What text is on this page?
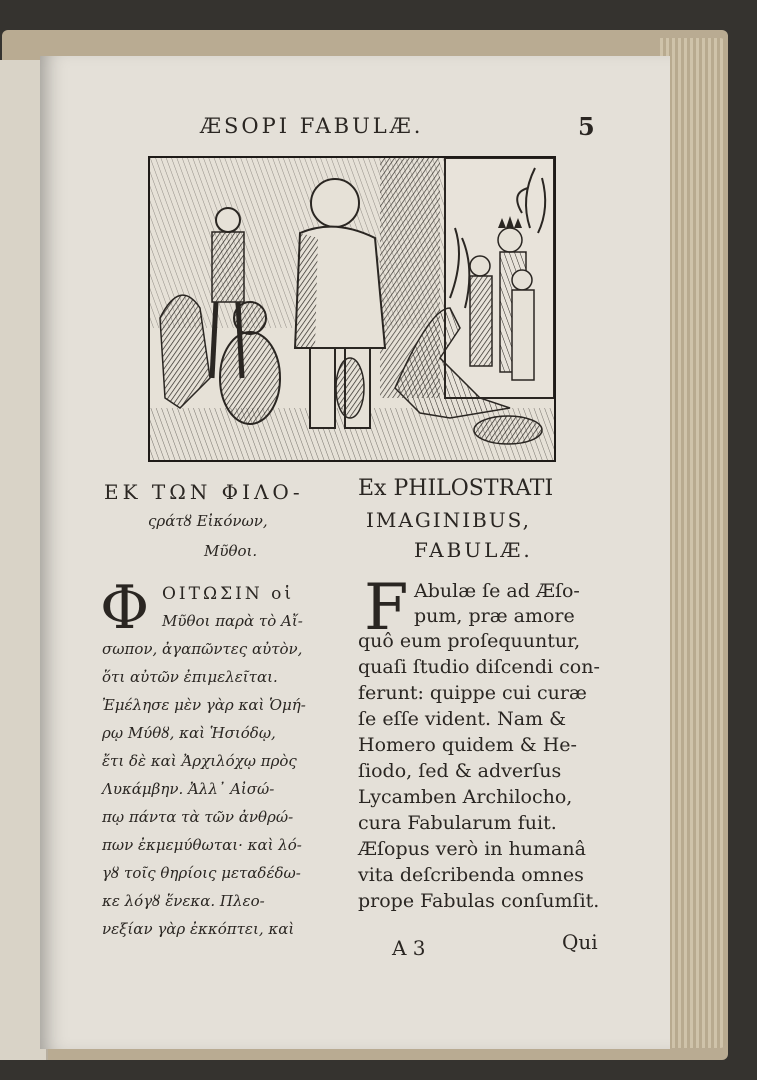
ÆSOPI FABULÆ.	5
ΕΚ ΤΩΝ ΦΙΛΟ-
ςράτȣ Εἰκόνων,
Μῦθοι.
Ex PHILOSTRATI
IMAGINIBUS,
FABULÆ.
Φ	F
ΟΙΤΩΣΙΝ οἱ
Μῦθοι παρὰ τὸ Αἴ-
σωπον, ἀγαπῶντες αὐτὸν,
ὅτι αὐτῶν ἐπιμελεῖται.
Ἐμέλησε μὲν γὰρ καὶ Ὁμή-
ρῳ Μύθȣ, καὶ Ἡσιόδῳ,
ἔτι δὲ καὶ Ἀρχιλόχῳ πρὸς
Λυκάμβην. Ἀλλ᾽ Αἰσώ-
πῳ πάντα τὰ τῶν ἀνθρώ-
πων ἐκμεμύθωται· καὶ λό-
γȣ τοῖς θηρίοις μεταδέδω-
κε λόγȣ ἕνεκα. Πλεο-
νεξίαν γὰρ ἐκκόπτει, καὶ
Abulæ ſe ad Æſo-
pum, præ amore
quô eum proſequuntur,
quaſi ſtudio diſcendi con-
ferunt: quippe cui curæ
ſe eſſe vident. Nam &
Homero quidem & He-
ſiodo, ſed & adverſus
Lycamben Archilocho,
cura Fabularum fuit.
Æſopus verò in humanâ
vita deſcribenda omnes
prope Fabulas conſumſit.
A 3	Qui
